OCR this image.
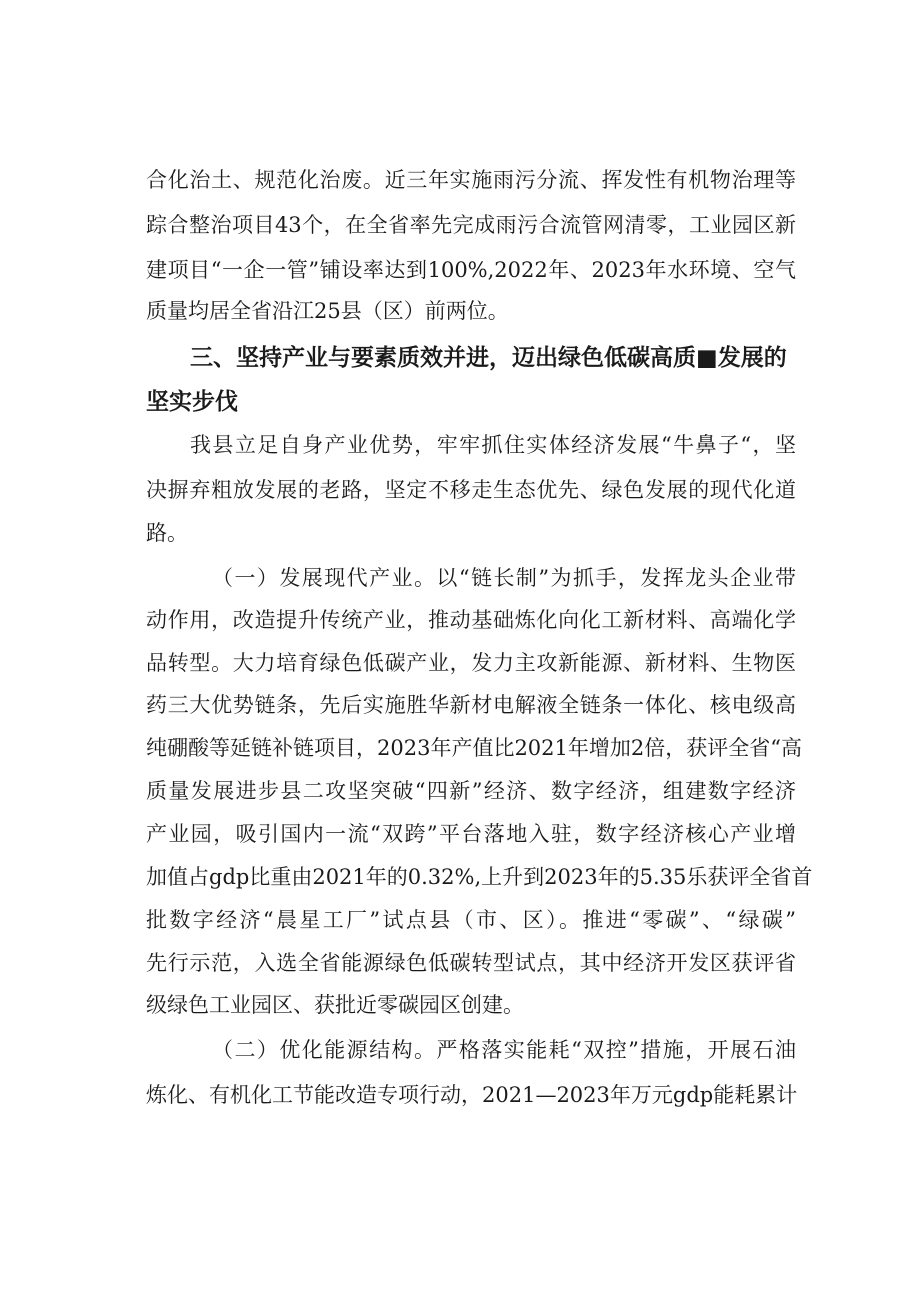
合化治土、规范化治废。近三年实施雨污分流、挥发性有机物治理等
踪合整治项目43个，在全省率先完成雨污合流管网清零，工业园区新
建项目“一企一管”铺设率达到100%,2022年、2023年水环境、空气
质量均居全省沿江25县（区）前两位。
三、坚持产业与要素质效并进，迈出绿色低碳高质■发展的
坚实步伐
我县立足自身产业优势，牢牢抓住实体经济发展“牛鼻子“，坚
决摒弃粗放发展的老路，坚定不移走生态优先、绿色发展的现代化道
路。
（一）发展现代产业。以“链长制”为抓手，发挥龙头企业带
动作用，改造提升传统产业，推动基础炼化向化工新材料、高端化学
品转型。大力培育绿色低碳产业，发力主攻新能源、新材料、生物医
药三大优势链条，先后实施胜华新材电解液全链条一体化、核电级高
纯硼酸等延链补链项目，2023年产值比2021年增加2倍，获评全省“高
质量发展进步县二攻坚突破“四新”经济、数字经济，组建数字经济
产业园，吸引国内一流“双跨”平台落地入驻，数字经济核心产业增
加值占gdp比重由2021年的0.32%,上升到2023年的5.35乐获评全省首
批数字经济“晨星工厂”试点县（市、区）。推进“零碳”、“绿碳”
先行示范，入选全省能源绿色低碳转型试点，其中经济开发区获评省
级绿色工业园区、获批近零碳园区创建。
（二）优化能源结构。严格落实能耗“双控”措施，开展石油
炼化、有机化工节能改造专项行动，2021—2023年万元gdp能耗累计
